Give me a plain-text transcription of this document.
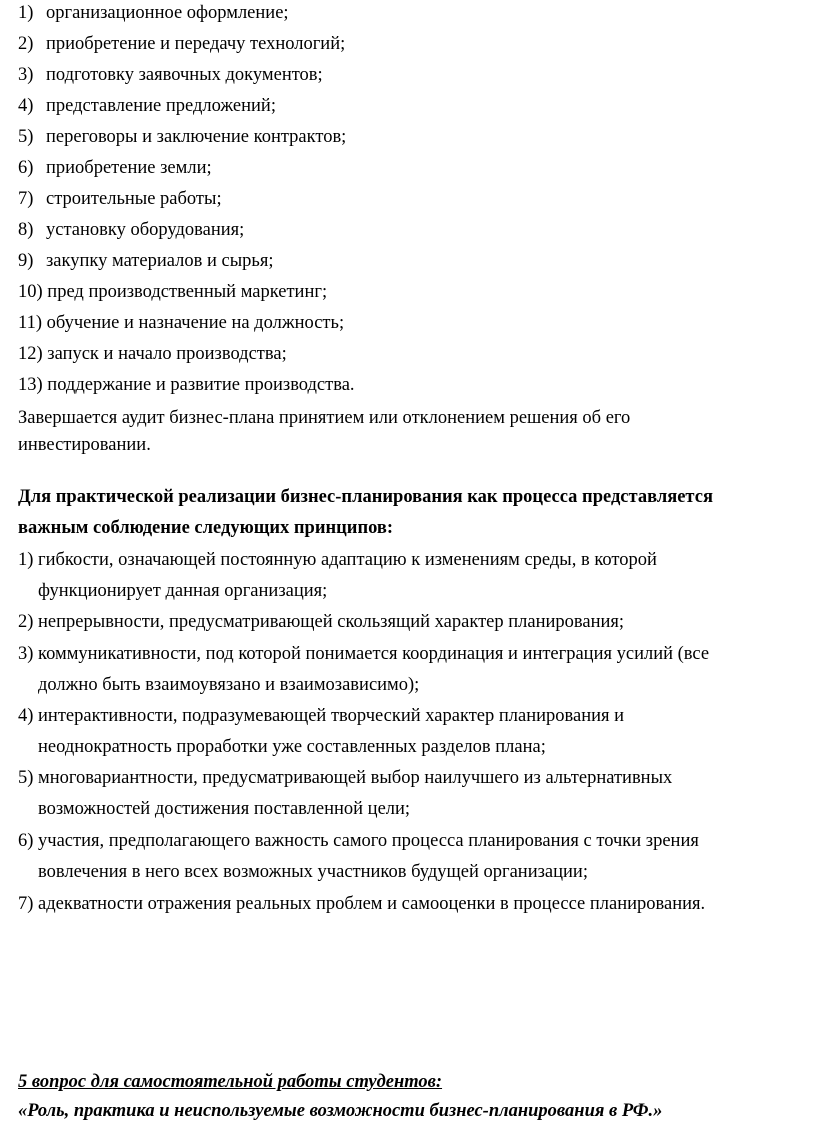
1) организационное оформление;
2) приобретение и передачу технологий;
3) подготовку заявочных документов;
4) представление предложений;
5) переговоры и заключение контрактов;
6) приобретение земли;
7) строительные работы;
8) установку оборудования;
9) закупку материалов и сырья;
10) пред производственный маркетинг;
11) обучение и назначение на должность;
12) запуск и начало производства;
13) поддержание и развитие производства.
Завершается аудит бизнес-плана принятием или отклонением решения об его
инвестировании.
Для практической реализации бизнес-планирования как процесса представляется
важным соблюдение следующих принципов:
1) гибкости, означающей постоянную адаптацию к изменениям среды, в которой
функционирует данная организация;
2) непрерывности, предусматривающей скользящий характер планирования;
3) коммуникативности, под которой понимается координация и интеграция усилий (все
должно быть взаимоувязано и взаимозависимо);
4) интерактивности, подразумевающей творческий характер планирования и
неоднократность проработки уже составленных разделов плана;
5) многовариантности, предусматривающей выбор наилучшего из альтернативных
возможностей достижения поставленной цели;
6) участия, предполагающего важность самого процесса планирования с точки зрения
вовлечения в него всех возможных участников будущей организации;
7) адекватности отражения реальных проблем и самооценки в процессе планирования.
5 вопрос для самостоятельной работы студентов:
«Роль, практика и неиспользуемые возможности бизнес-планирования в РФ.»
